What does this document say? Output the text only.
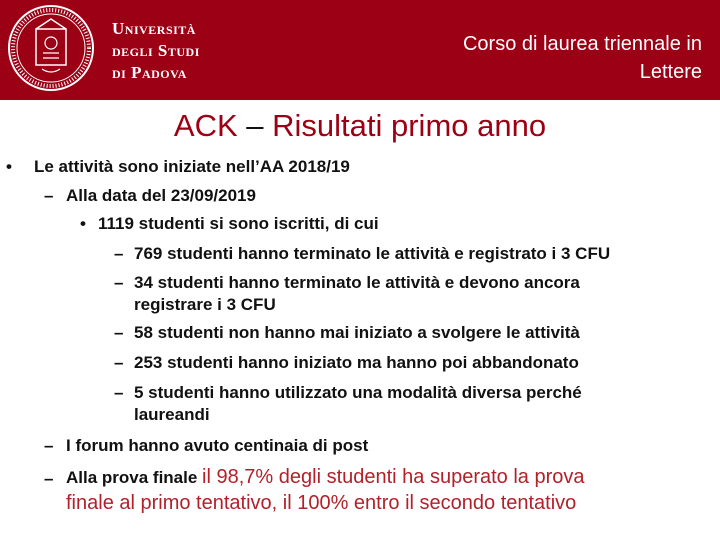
Università
degli Studi
di Padova
Corso di laurea triennale in
Lettere
ACK – Risultati primo anno
• Le attività sono iniziate nell’AA 2018/19
– Alla data del 23/09/2019
• 1119 studenti si sono iscritti, di cui
– 769 studenti hanno terminato le attività e registrato i 3 CFU
– 34 studenti hanno terminato le attività e devono ancora
registrare i 3 CFU
– 58 studenti non hanno mai iniziato a svolgere le attività
– 253 studenti hanno iniziato ma hanno poi abbandonato
– 5 studenti hanno utilizzato una modalità diversa perché
laureandi
– I forum hanno avuto centinaia di post
– Alla prova finale il 98,7% degli studenti ha superato la prova
finale al primo tentativo, il 100% entro il secondo tentativo
